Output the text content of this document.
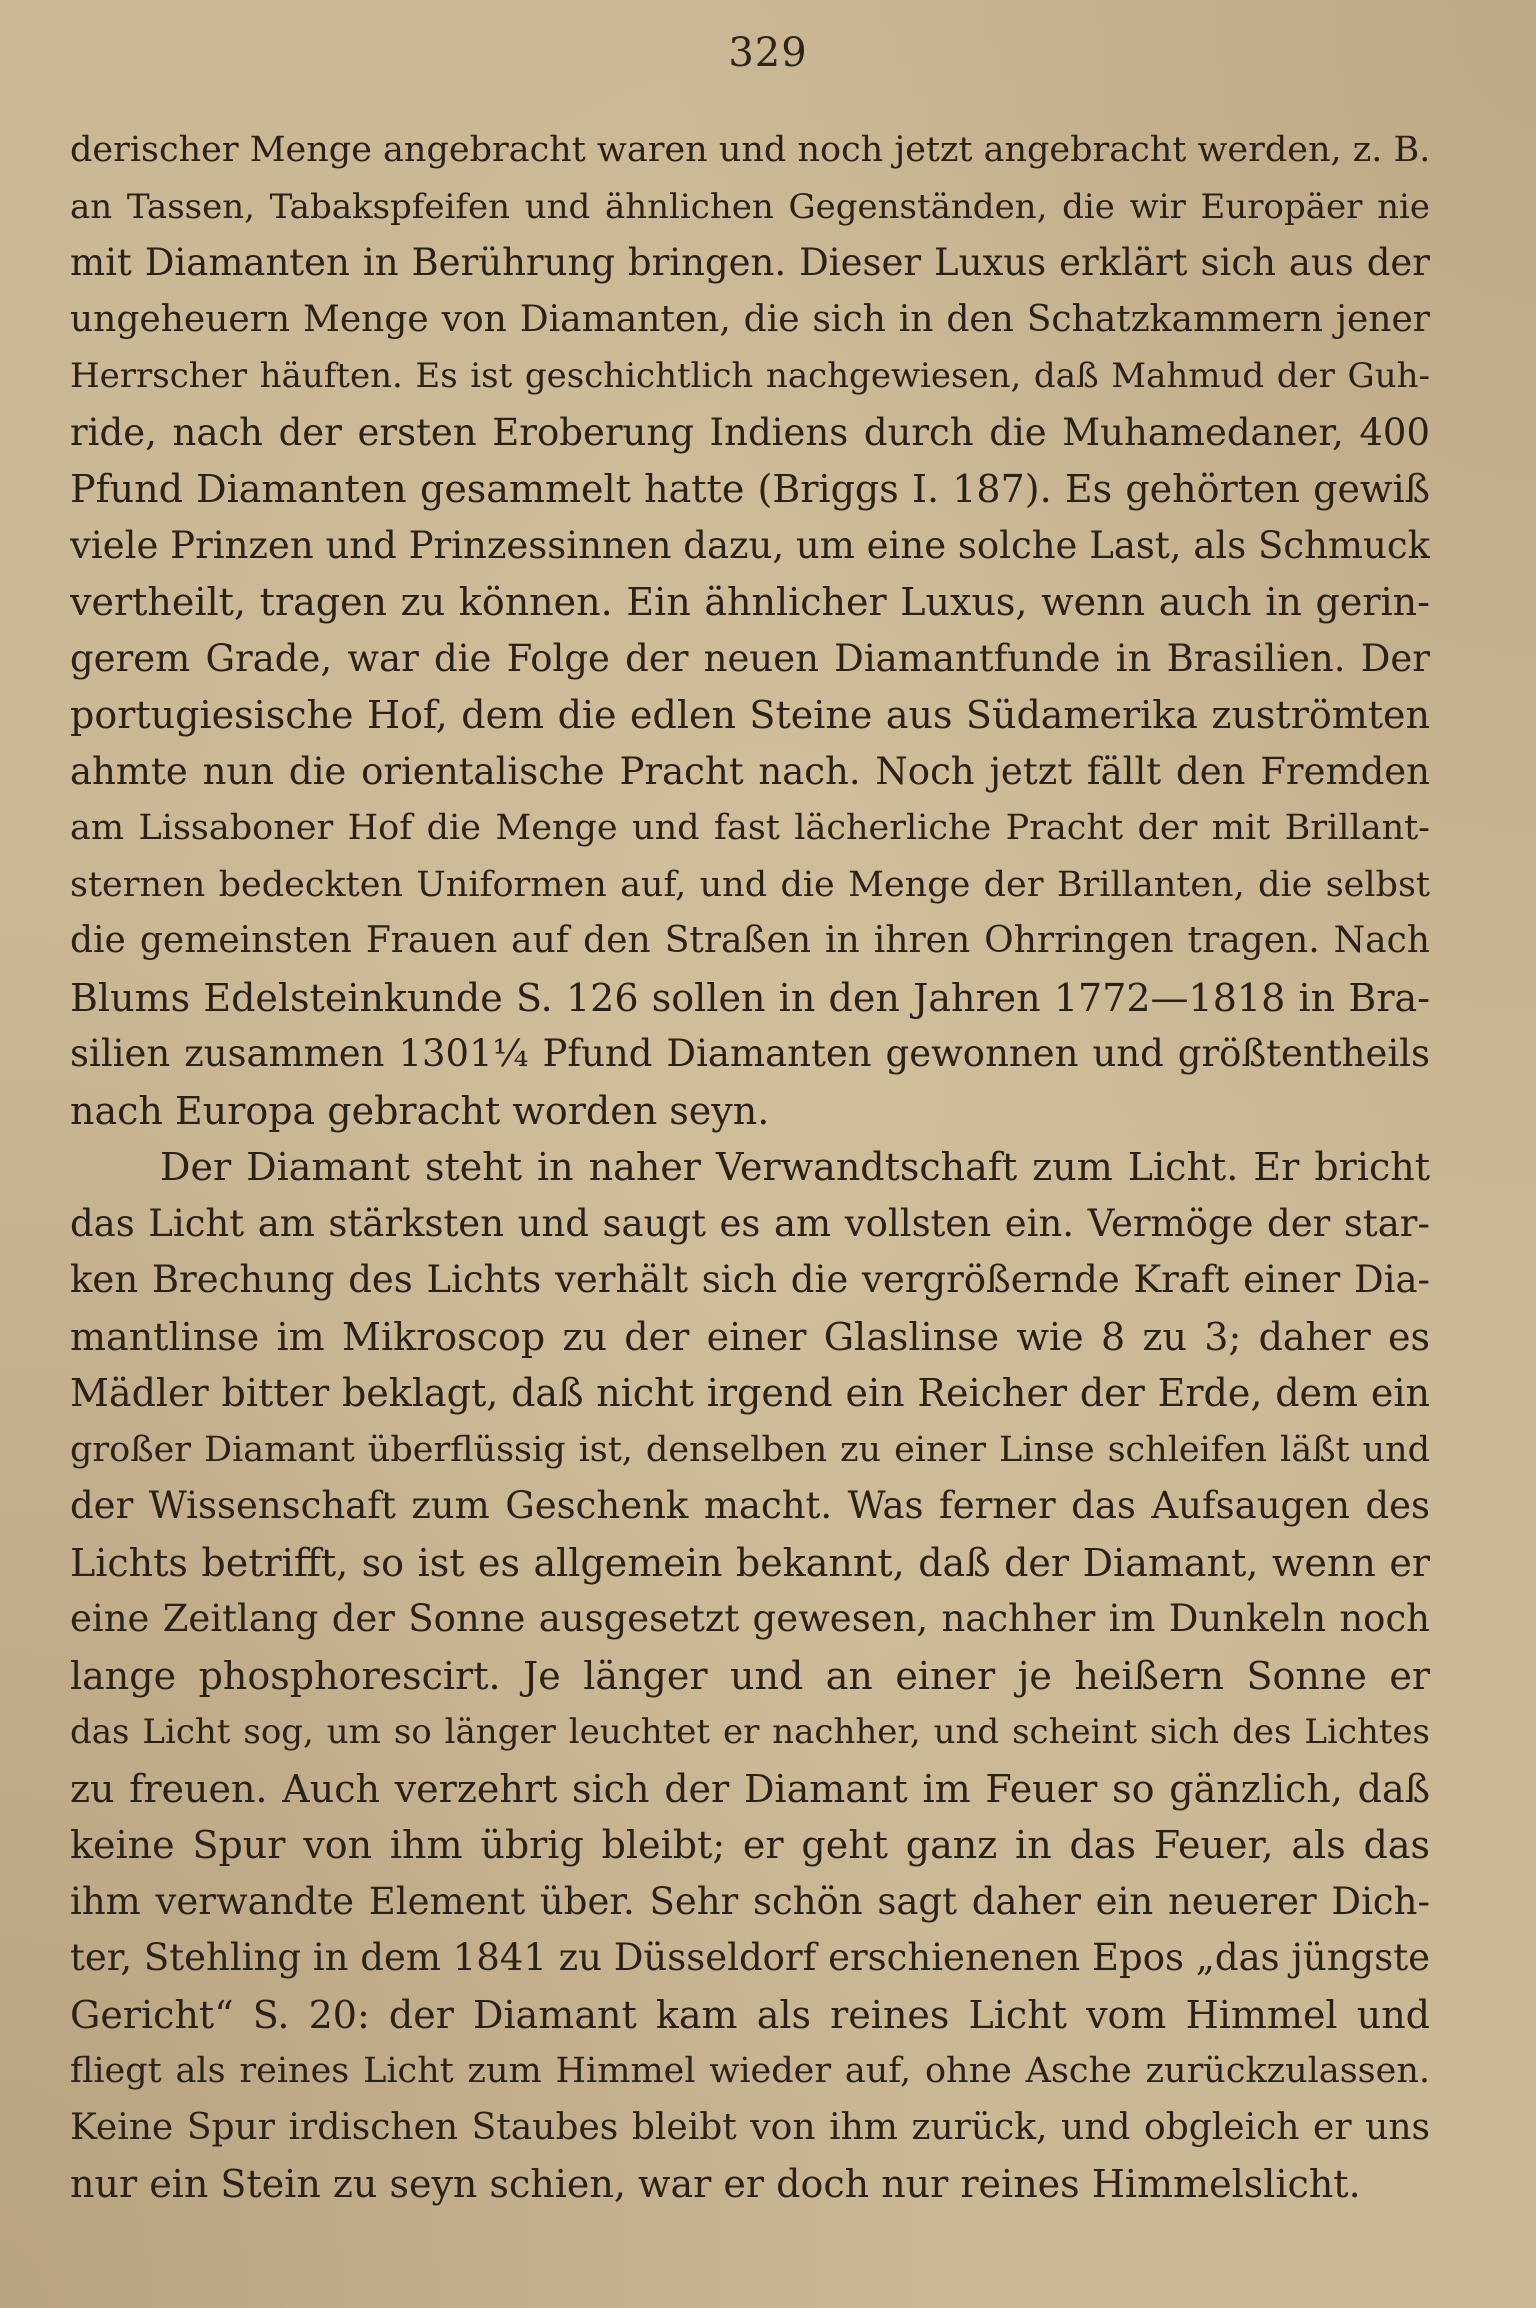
329
derischer Menge angebracht waren und noch jetzt angebracht werden, z. B.
an Tassen, Tabakspfeifen und ähnlichen Gegenständen, die wir Europäer nie
mit Diamanten in Berührung bringen. Dieser Luxus erklärt sich aus der
ungeheuern Menge von Diamanten, die sich in den Schatzkammern jener
Herrscher häuften. Es ist geschichtlich nachgewiesen, daß Mahmud der Guh-
ride, nach der ersten Eroberung Indiens durch die Muhamedaner, 400
Pfund Diamanten gesammelt hatte (Briggs I. 187). Es gehörten gewiß
viele Prinzen und Prinzessinnen dazu, um eine solche Last, als Schmuck
vertheilt, tragen zu können. Ein ähnlicher Luxus, wenn auch in gerin-
gerem Grade, war die Folge der neuen Diamantfunde in Brasilien. Der
portugiesische Hof, dem die edlen Steine aus Südamerika zuströmten
ahmte nun die orientalische Pracht nach. Noch jetzt fällt den Fremden
am Lissaboner Hof die Menge und fast lächerliche Pracht der mit Brillant-
sternen bedeckten Uniformen auf, und die Menge der Brillanten, die selbst
die gemeinsten Frauen auf den Straßen in ihren Ohrringen tragen. Nach
Blums Edelsteinkunde S. 126 sollen in den Jahren 1772—1818 in Bra-
silien zusammen 1301¼ Pfund Diamanten gewonnen und größtentheils
nach Europa gebracht worden seyn.
Der Diamant steht in naher Verwandtschaft zum Licht. Er bricht
das Licht am stärksten und saugt es am vollsten ein. Vermöge der star-
ken Brechung des Lichts verhält sich die vergrößernde Kraft einer Dia-
mantlinse im Mikroscop zu der einer Glaslinse wie 8 zu 3; daher es
Mädler bitter beklagt, daß nicht irgend ein Reicher der Erde, dem ein
großer Diamant überflüssig ist, denselben zu einer Linse schleifen läßt und
der Wissenschaft zum Geschenk macht. Was ferner das Aufsaugen des
Lichts betrifft, so ist es allgemein bekannt, daß der Diamant, wenn er
eine Zeitlang der Sonne ausgesetzt gewesen, nachher im Dunkeln noch
lange phosphorescirt. Je länger und an einer je heißern Sonne er
das Licht sog, um so länger leuchtet er nachher, und scheint sich des Lichtes
zu freuen. Auch verzehrt sich der Diamant im Feuer so gänzlich, daß
keine Spur von ihm übrig bleibt; er geht ganz in das Feuer, als das
ihm verwandte Element über. Sehr schön sagt daher ein neuerer Dich-
ter, Stehling in dem 1841 zu Düsseldorf erschienenen Epos „das jüngste
Gericht“ S. 20: der Diamant kam als reines Licht vom Himmel und
fliegt als reines Licht zum Himmel wieder auf, ohne Asche zurückzulassen.
Keine Spur irdischen Staubes bleibt von ihm zurück, und obgleich er uns
nur ein Stein zu seyn schien, war er doch nur reines Himmelslicht.
